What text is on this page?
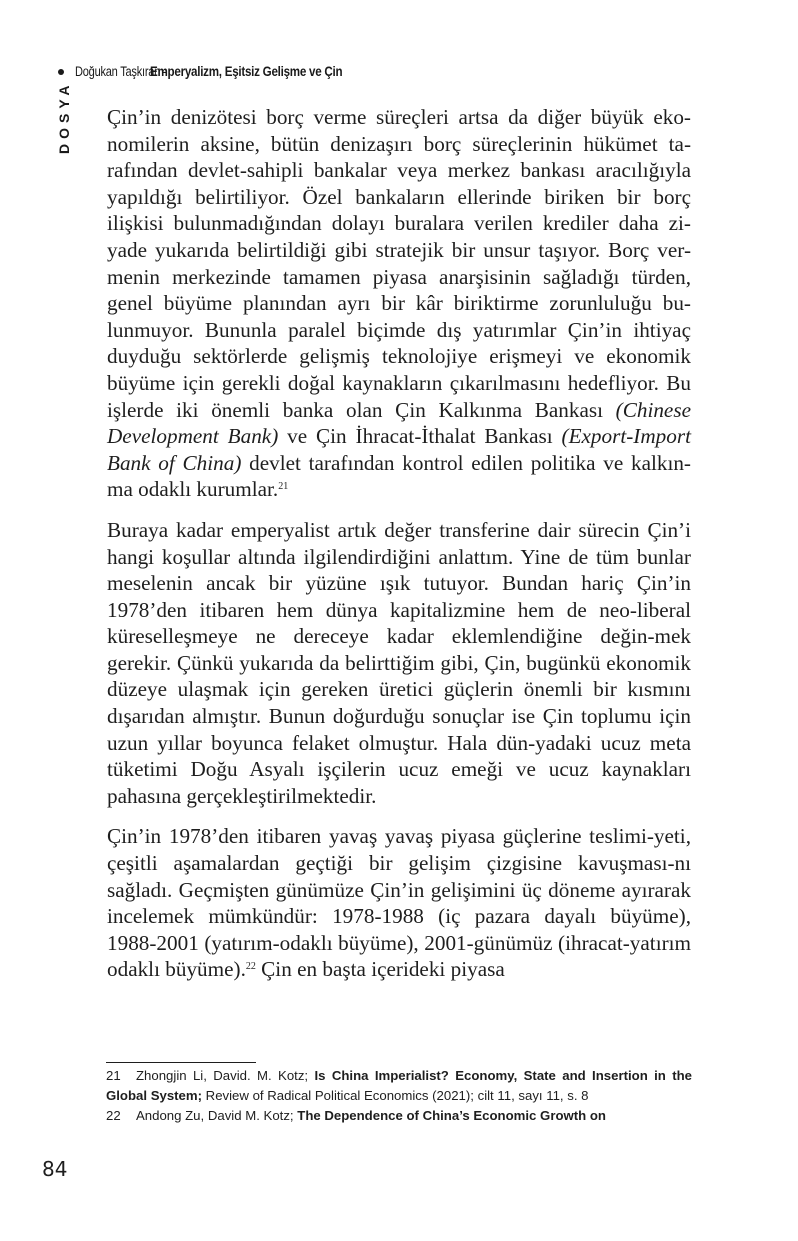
Doğukan Taşkıran -
Emperyalizm, Eşitsiz Gelişme ve Çin
DOSYA Çin’in denizötesi borç verme süreçleri artsa da diğer büyük eko-nomilerin aksine, bütün denizaşırı borç süreçlerinin hükümet ta-rafından devlet-sahipli bankalar veya merkez bankası aracılığıyla yapıldığı belirtiliyor. Özel bankaların ellerinde biriken bir borç ilişkisi bulunmadığından dolayı buralara verilen krediler daha zi-yade yukarıda belirtildiği gibi stratejik bir unsur taşıyor. Borç ver-menin merkezinde tamamen piyasa anarşisinin sağladığı türden, genel büyüme planından ayrı bir kâr biriktirme zorunluluğu bu-lunmuyor. Bununla paralel biçimde dış yatırımlar Çin’in ihtiyaç duyduğu sektörlerde gelişmiş teknolojiye erişmeyi ve ekonomik büyüme için gerekli doğal kaynakların çıkarılmasını hedefliyor. Bu işlerde iki önemli banka olan Çin Kalkınma Bankası (Chinese Development Bank) ve Çin İhracat-İthalat Bankası (Export-Import Bank of China) devlet tarafından kontrol edilen politika ve kalkın-ma odaklı kurumlar.$^{21}$

Buraya kadar emperyalist artık değer transferine dair sürecin Çin’i hangi koşullar altında ilgilendirdiğini anlattım. Yine de tüm bunlar meselenin ancak bir yüzüne ışık tutuyor. Bundan hariç Çin’in 1978’den itibaren hem dünya kapitalizmine hem de neo-liberal küreselleşmeye ne dereceye kadar eklemlendiğine değin-mek gerekir. Çünkü yukarıda da belirttiğim gibi, Çin, bugünkü ekonomik düzeye ulaşmak için gereken üretici güçlerin önemli bir kısmını dışarıdan almıştır. Bunun doğurduğu sonuçlar ise Çin toplumu için uzun yıllar boyunca felaket olmuştur. Hala dün-yadaki ucuz meta tüketimi Doğu Asyalı işçilerin ucuz emeği ve ucuz kaynakları pahasına gerçekleştirilmektedir.

Çin’in 1978’den itibaren yavaş yavaş piyasa güçlerine teslimi-yeti, çeşitli aşamalardan geçtiği bir gelişim çizgisine kavuşması-nı sağladı. Geçmişten günümüze Çin’in gelişimini üç döneme ayırarak incelemek mümkündür: 1978-1988 (iç pazara dayalı büyüme), 1988-2001 (yatırım-odaklı büyüme), 2001-günümüz (ihracat-yatırım odaklı büyüme).$^{22}$ Çin en başta içerideki piyasa

21 Zhongjin Li, David. M. Kotz; Is China Imperialist? Economy, State and Insertion in the Global System; Review of Radical Political Economics (2021); cilt 11, sayı 11, s. 8

22 Andong Zu, David M. Kotz; The Dependence of China’s Economic Growth on

84
